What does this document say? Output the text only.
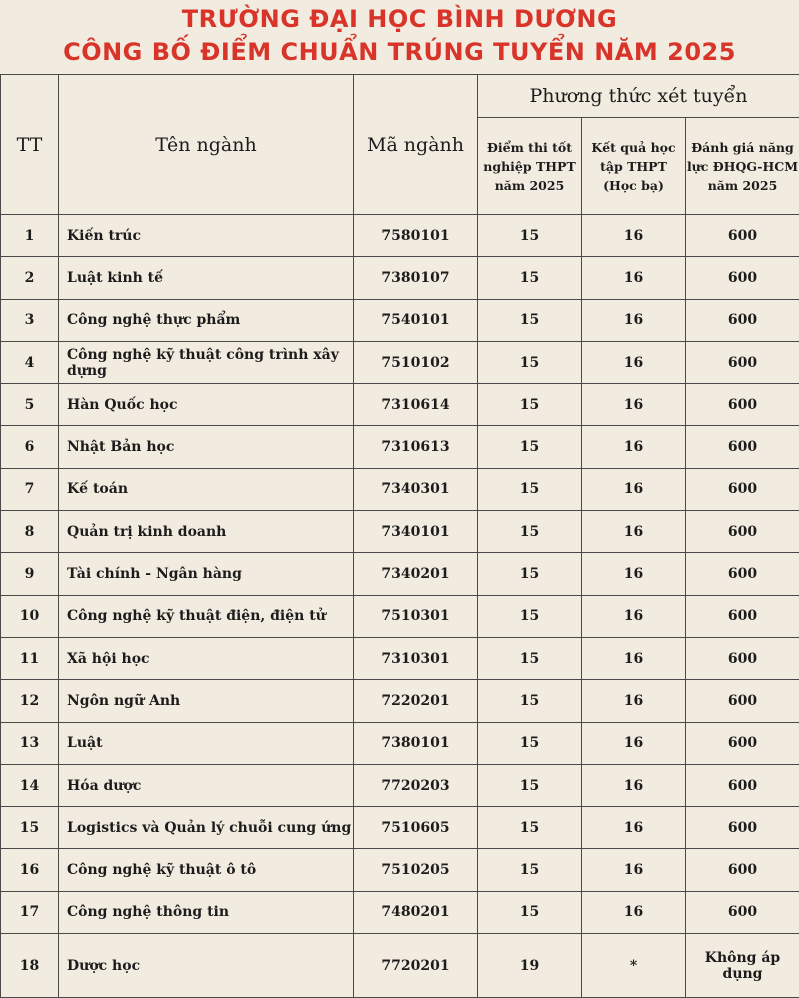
TRƯỜNG ĐẠI HỌC BÌNH DƯƠNG
CÔNG BỐ ĐIỂM CHUẨN TRÚNG TUYỂN NĂM 2025
TT	Tên ngành	Mã ngành	Phương thức xét tuyển		
			Điểm thi tốt nghiệp THPT năm 2025	Kết quả học tập THPT (Học bạ)	Đánh giá năng lực ĐHQG-HCM năm 2025
1	Kiến trúc	7580101	15	16	600
2	Luật kinh tế	7380107	15	16	600
3	Công nghệ thực phẩm	7540101	15	16	600
4	Công nghệ kỹ thuật công trình xây dựng	7510102	15	16	600
5	Hàn Quốc học	7310614	15	16	600
6	Nhật Bản học	7310613	15	16	600
7	Kế toán	7340301	15	16	600
8	Quản trị kinh doanh	7340101	15	16	600
9	Tài chính - Ngân hàng	7340201	15	16	600
10	Công nghệ kỹ thuật điện, điện tử	7510301	15	16	600
11	Xã hội học	7310301	15	16	600
12	Ngôn ngữ Anh	7220201	15	16	600
13	Luật	7380101	15	16	600
14	Hóa dược	7720203	15	16	600
15	Logistics và Quản lý chuỗi cung ứng	7510605	15	16	600
16	Công nghệ kỹ thuật ô tô	7510205	15	16	600
17	Công nghệ thông tin	7480201	15	16	600
18	Dược học	7720201	19	*	Không áp dụng
